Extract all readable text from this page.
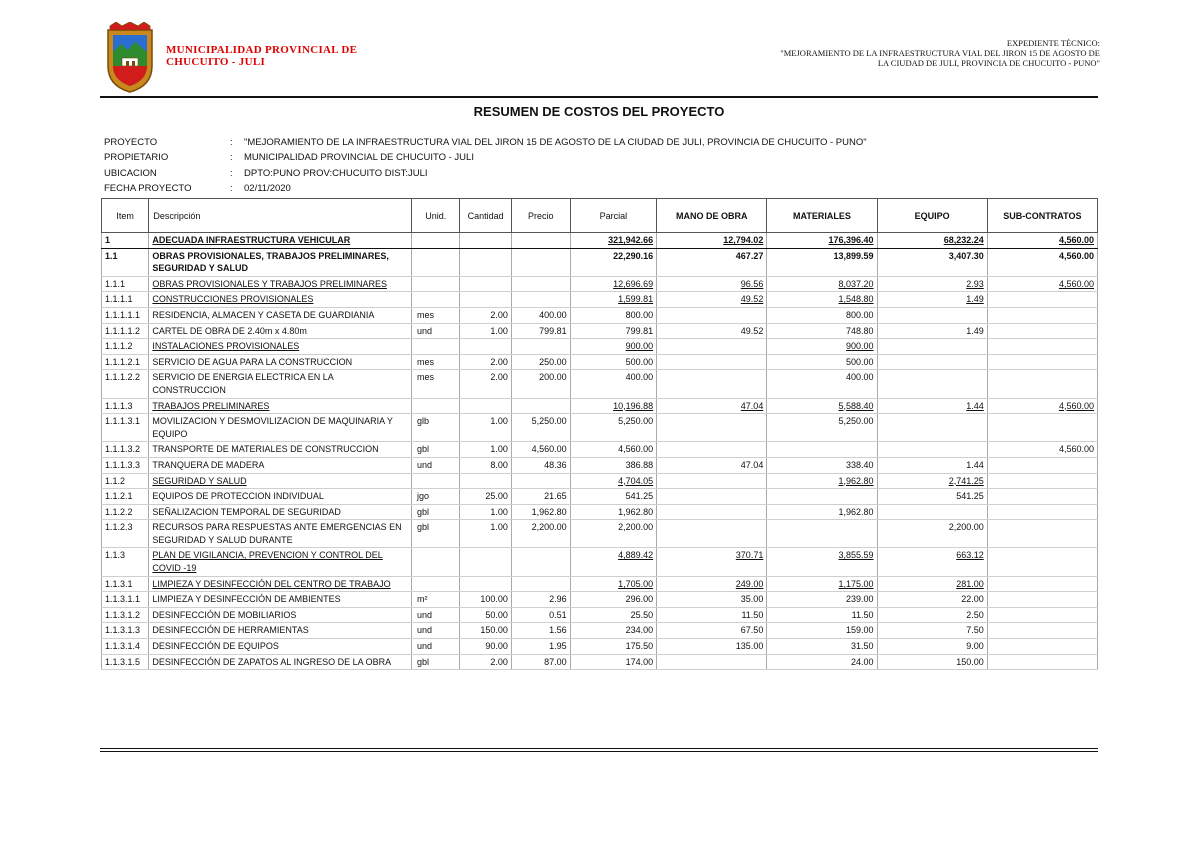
MUNICIPALIDAD PROVINCIAL DE
CHUCUITO - JULI
EXPEDIENTE TÉCNICO:
"MEJORAMIENTO DE LA INFRAESTRUCTURA VIAL DEL JIRON 15 DE AGOSTO DE
LA CIUDAD DE JULI, PROVINCIA DE CHUCUITO - PUNO"
RESUMEN DE COSTOS DEL PROYECTO
PROYECTO	:	"MEJORAMIENTO DE LA INFRAESTRUCTURA VIAL DEL JIRON 15 DE AGOSTO DE LA CIUDAD DE JULI, PROVINCIA DE CHUCUITO - PUNO"
PROPIETARIO	:	MUNICIPALIDAD PROVINCIAL DE CHUCUITO - JULI
UBICACION	:	DPTO:PUNO PROV:CHUCUITO DIST:JULI
FECHA PROYECTO	:	02/11/2020
Item	Descripción	Unid.	Cantidad	Precio	Parcial	MANO DE OBRA	MATERIALES	EQUIPO	SUB-CONTRATOS
1	ADECUADA INFRAESTRUCTURA VEHICULAR				321,942.66	12,794.02	176,396.40	68,232.24	4,560.00
1.1	OBRAS PROVISIONALES, TRABAJOS PRELIMINARES, SEGURIDAD Y SALUD				22,290.16	467.27	13,899.59	3,407.30	4,560.00
1.1.1	OBRAS PROVISIONALES Y TRABAJOS PRELIMINARES				12,696.69	96.56	8,037.20	2.93	4,560.00
1.1.1.1	CONSTRUCCIONES PROVISIONALES				1,599.81	49.52	1,548.80	1.49	
1.1.1.1.1	RESIDENCIA, ALMACEN Y CASETA DE GUARDIANIA	mes	2.00	400.00	800.00		800.00		
1.1.1.1.2	CARTEL DE OBRA DE 2.40m x 4.80m	und	1.00	799.81	799.81	49.52	748.80	1.49	
1.1.1.2	INSTALACIONES PROVISIONALES				900.00		900.00		
1.1.1.2.1	SERVICIO DE AGUA PARA LA CONSTRUCCION	mes	2.00	250.00	500.00		500.00		
1.1.1.2.2	SERVICIO DE ENERGIA ELECTRICA EN LA CONSTRUCCION	mes	2.00	200.00	400.00		400.00		
1.1.1.3	TRABAJOS PRELIMINARES				10,196.88	47.04	5,588.40	1.44	4,560.00
1.1.1.3.1	MOVILIZACION Y DESMOVILIZACION DE MAQUINARIA Y EQUIPO	glb	1.00	5,250.00	5,250.00		5,250.00		
1.1.1.3.2	TRANSPORTE DE MATERIALES DE CONSTRUCCION	gbl	1.00	4,560.00	4,560.00				4,560.00
1.1.1.3.3	TRANQUERA DE MADERA	und	8.00	48.36	386.88	47.04	338.40	1.44	
1.1.2	SEGURIDAD Y SALUD				4,704.05		1,962.80	2,741.25	
1.1.2.1	EQUIPOS DE PROTECCION INDIVIDUAL	jgo	25.00	21.65	541.25			541.25	
1.1.2.2	SEÑALIZACION TEMPORAL DE SEGURIDAD	gbl	1.00	1,962.80	1,962.80		1,962.80		
1.1.2.3	RECURSOS PARA RESPUESTAS ANTE EMERGENCIAS EN SEGURIDAD Y SALUD DURANTE	gbl	1.00	2,200.00	2,200.00			2,200.00	
1.1.3	PLAN DE VIGILANCIA, PREVENCION Y CONTROL DEL COVID -19				4,889.42	370.71	3,855.59	663.12	
1.1.3.1	LIMPIEZA Y DESINFECCIÓN DEL CENTRO DE TRABAJO				1,705.00	249.00	1,175.00	281.00	
1.1.3.1.1	LIMPIEZA Y DESINFECCIÓN DE AMBIENTES	m²	100.00	2.96	296.00	35.00	239.00	22.00	
1.1.3.1.2	DESINFECCIÓN DE MOBILIARIOS	und	50.00	0.51	25.50	11.50	11.50	2.50	
1.1.3.1.3	DESINFECCIÓN DE HERRAMIENTAS	und	150.00	1.56	234.00	67.50	159.00	7.50	
1.1.3.1.4	DESINFECCIÓN DE EQUIPOS	und	90.00	1.95	175.50	135.00	31.50	9.00	
1.1.3.1.5	DESINFECCIÓN DE ZAPATOS AL INGRESO DE LA OBRA	gbl	2.00	87.00	174.00		24.00	150.00	
